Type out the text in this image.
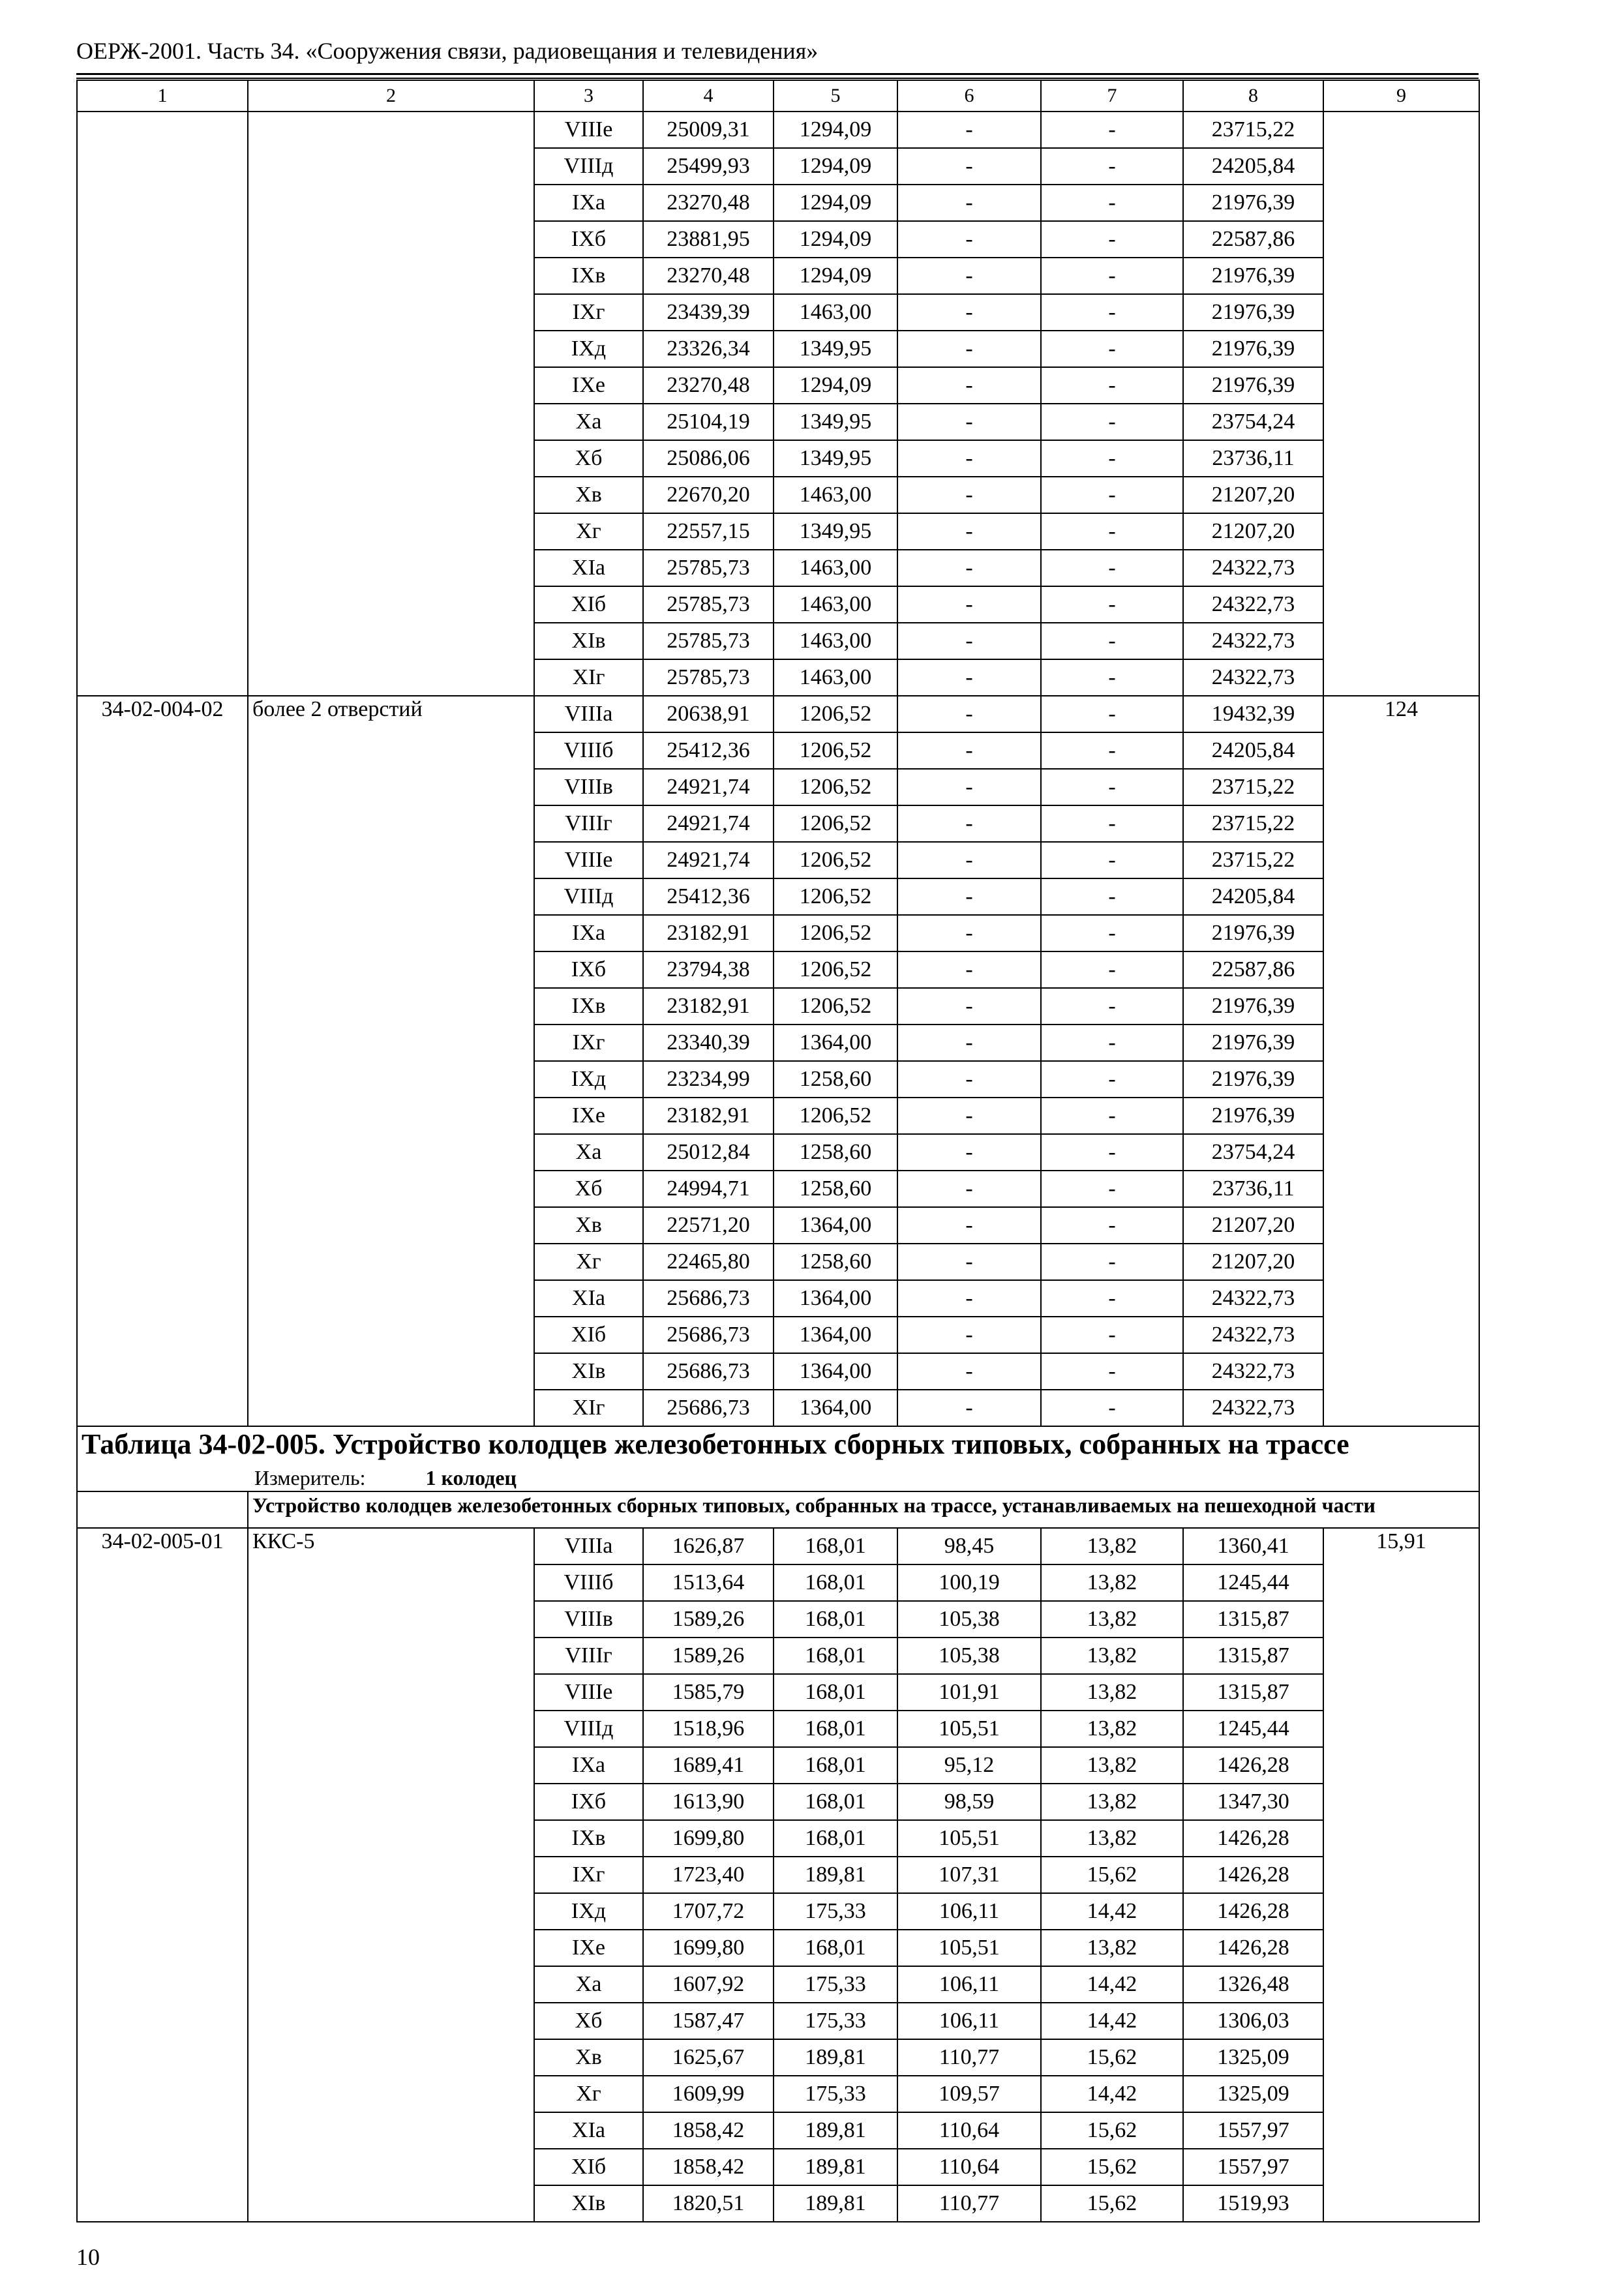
ОЕРЖ-2001. Часть 34. «Сооружения связи, радиовещания и телевидения»
1	2	3	4	5	6	7	8	9
		VIIIе	25009,31	1294,09	-	-	23715,22	
		VIIIд	25499,93	1294,09	-	-	24205,84	
		IXа	23270,48	1294,09	-	-	21976,39	
		IXб	23881,95	1294,09	-	-	22587,86	
		IXв	23270,48	1294,09	-	-	21976,39	
		IXг	23439,39	1463,00	-	-	21976,39	
		IXд	23326,34	1349,95	-	-	21976,39	
		IXе	23270,48	1294,09	-	-	21976,39	
		Xа	25104,19	1349,95	-	-	23754,24	
		Xб	25086,06	1349,95	-	-	23736,11	
		Xв	22670,20	1463,00	-	-	21207,20	
		Xг	22557,15	1349,95	-	-	21207,20	
		XIа	25785,73	1463,00	-	-	24322,73	
		XIб	25785,73	1463,00	-	-	24322,73	
		XIв	25785,73	1463,00	-	-	24322,73	
		XIг	25785,73	1463,00	-	-	24322,73	
34-02-004-02	более 2 отверстий	VIIIа	20638,91	1206,52	-	-	19432,39	124
		VIIIб	25412,36	1206,52	-	-	24205,84	
		VIIIв	24921,74	1206,52	-	-	23715,22	
		VIIIг	24921,74	1206,52	-	-	23715,22	
		VIIIе	24921,74	1206,52	-	-	23715,22	
		VIIIд	25412,36	1206,52	-	-	24205,84	
		IXа	23182,91	1206,52	-	-	21976,39	
		IXб	23794,38	1206,52	-	-	22587,86	
		IXв	23182,91	1206,52	-	-	21976,39	
		IXг	23340,39	1364,00	-	-	21976,39	
		IXд	23234,99	1258,60	-	-	21976,39	
		IXе	23182,91	1206,52	-	-	21976,39	
		Xа	25012,84	1258,60	-	-	23754,24	
		Xб	24994,71	1258,60	-	-	23736,11	
		Xв	22571,20	1364,00	-	-	21207,20	
		Xг	22465,80	1258,60	-	-	21207,20	
		XIа	25686,73	1364,00	-	-	24322,73	
		XIб	25686,73	1364,00	-	-	24322,73	
		XIв	25686,73	1364,00	-	-	24322,73	
		XIг	25686,73	1364,00	-	-	24322,73	

Таблица 34-02-005. Устройство колодцев железобетонных сборных типовых, собранных на трассе
Измеритель: 1 колодец								

	Устройство колодцев железобетонных сборных типовых, собранных на трассе, устанавливаемых на пешеходной части							
34-02-005-01	ККС-5	VIIIа	1626,87	168,01	98,45	13,82	1360,41	15,91
		VIIIб	1513,64	168,01	100,19	13,82	1245,44	
		VIIIв	1589,26	168,01	105,38	13,82	1315,87	
		VIIIг	1589,26	168,01	105,38	13,82	1315,87	
		VIIIе	1585,79	168,01	101,91	13,82	1315,87	
		VIIIд	1518,96	168,01	105,51	13,82	1245,44	
		IXа	1689,41	168,01	95,12	13,82	1426,28	
		IXб	1613,90	168,01	98,59	13,82	1347,30	
		IXв	1699,80	168,01	105,51	13,82	1426,28	
		IXг	1723,40	189,81	107,31	15,62	1426,28	
		IXд	1707,72	175,33	106,11	14,42	1426,28	
		IXе	1699,80	168,01	105,51	13,82	1426,28	
		Xа	1607,92	175,33	106,11	14,42	1326,48	
		Xб	1587,47	175,33	106,11	14,42	1306,03	
		Xв	1625,67	189,81	110,77	15,62	1325,09	
		Xг	1609,99	175,33	109,57	14,42	1325,09	
		XIа	1858,42	189,81	110,64	15,62	1557,97	
		XIб	1858,42	189,81	110,64	15,62	1557,97	
		XIв	1820,51	189,81	110,77	15,62	1519,93	
10
